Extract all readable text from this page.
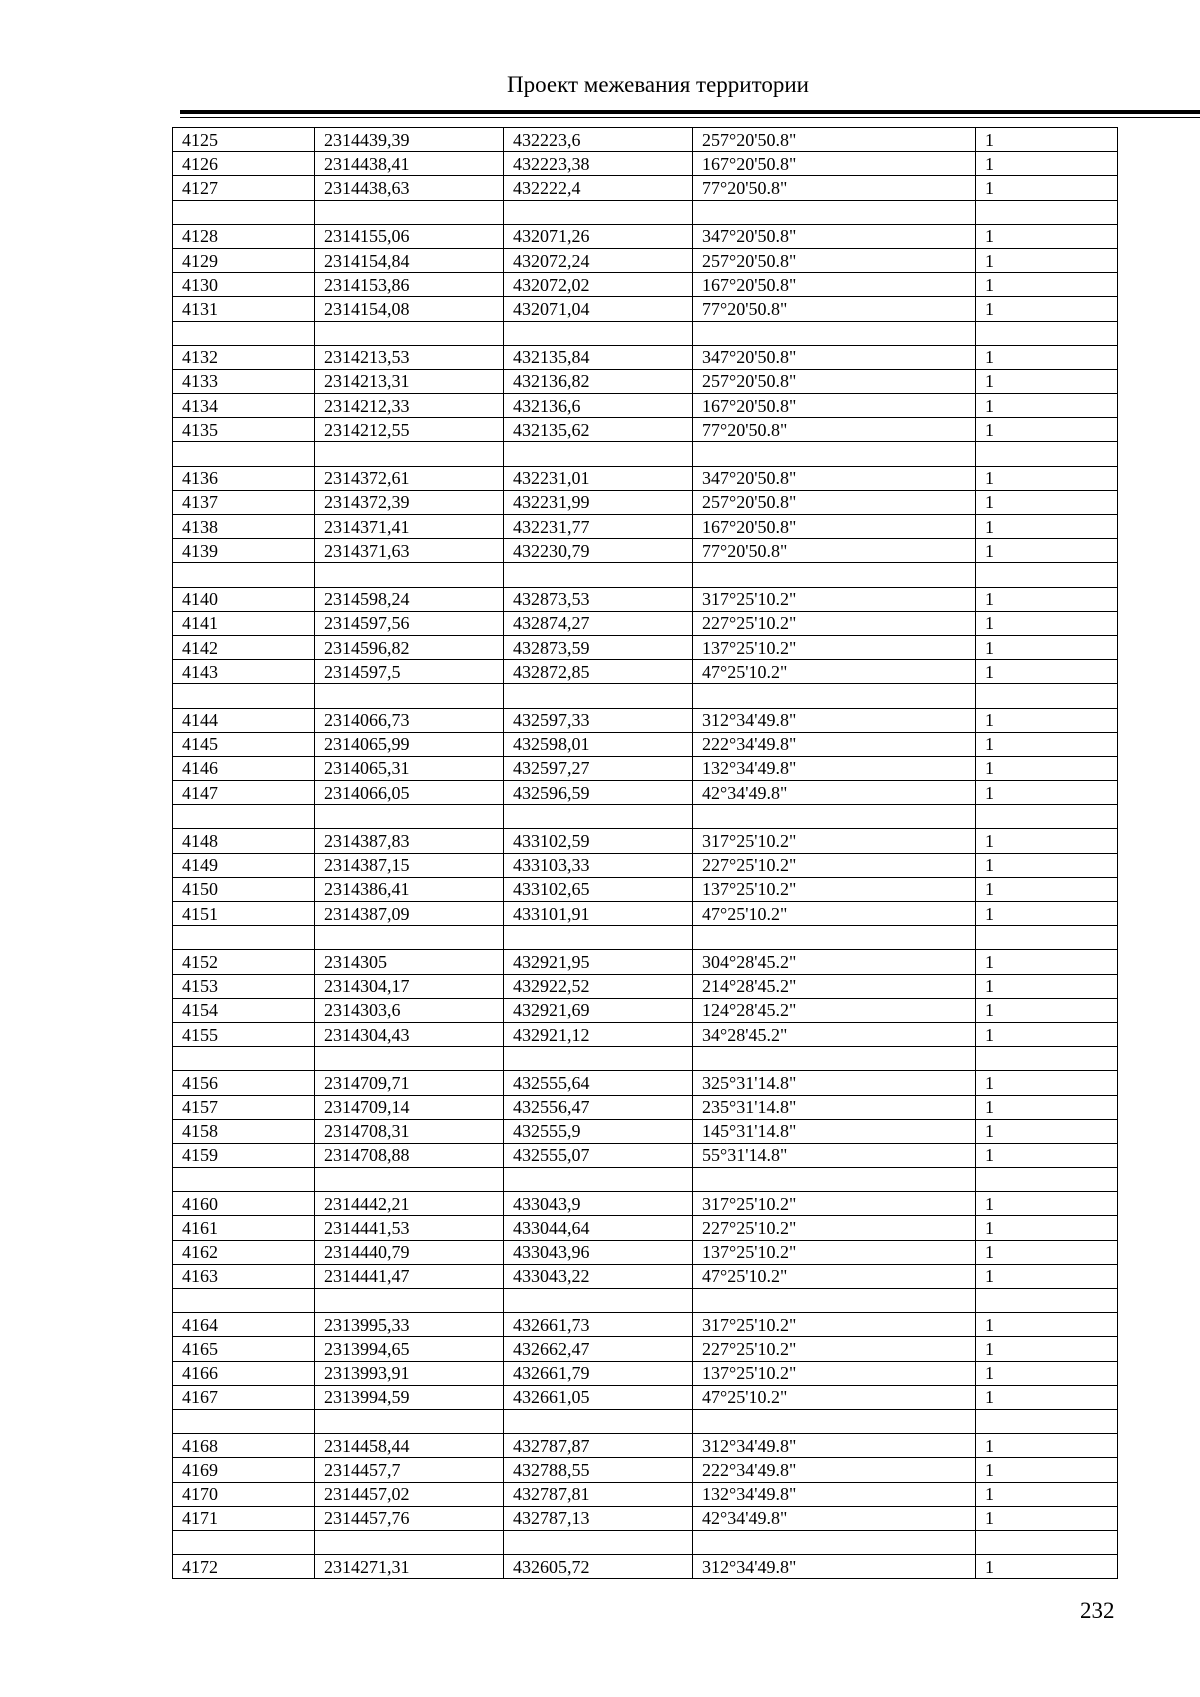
Проект межевания территории
4125	2314439,39	432223,6	257°20'50.8"	1
4126	2314438,41	432223,38	167°20'50.8"	1
4127	2314438,63	432222,4	77°20'50.8"	1

4128	2314155,06	432071,26	347°20'50.8"	1
4129	2314154,84	432072,24	257°20'50.8"	1
4130	2314153,86	432072,02	167°20'50.8"	1
4131	2314154,08	432071,04	77°20'50.8"	1

4132	2314213,53	432135,84	347°20'50.8"	1
4133	2314213,31	432136,82	257°20'50.8"	1
4134	2314212,33	432136,6	167°20'50.8"	1
4135	2314212,55	432135,62	77°20'50.8"	1

4136	2314372,61	432231,01	347°20'50.8"	1
4137	2314372,39	432231,99	257°20'50.8"	1
4138	2314371,41	432231,77	167°20'50.8"	1
4139	2314371,63	432230,79	77°20'50.8"	1

4140	2314598,24	432873,53	317°25'10.2"	1
4141	2314597,56	432874,27	227°25'10.2"	1
4142	2314596,82	432873,59	137°25'10.2"	1
4143	2314597,5	432872,85	47°25'10.2"	1

4144	2314066,73	432597,33	312°34'49.8"	1
4145	2314065,99	432598,01	222°34'49.8"	1
4146	2314065,31	432597,27	132°34'49.8"	1
4147	2314066,05	432596,59	42°34'49.8"	1

4148	2314387,83	433102,59	317°25'10.2"	1
4149	2314387,15	433103,33	227°25'10.2"	1
4150	2314386,41	433102,65	137°25'10.2"	1
4151	2314387,09	433101,91	47°25'10.2"	1

4152	2314305	432921,95	304°28'45.2"	1
4153	2314304,17	432922,52	214°28'45.2"	1
4154	2314303,6	432921,69	124°28'45.2"	1
4155	2314304,43	432921,12	34°28'45.2"	1

4156	2314709,71	432555,64	325°31'14.8"	1
4157	2314709,14	432556,47	235°31'14.8"	1
4158	2314708,31	432555,9	145°31'14.8"	1
4159	2314708,88	432555,07	55°31'14.8"	1

4160	2314442,21	433043,9	317°25'10.2"	1
4161	2314441,53	433044,64	227°25'10.2"	1
4162	2314440,79	433043,96	137°25'10.2"	1
4163	2314441,47	433043,22	47°25'10.2"	1

4164	2313995,33	432661,73	317°25'10.2"	1
4165	2313994,65	432662,47	227°25'10.2"	1
4166	2313993,91	432661,79	137°25'10.2"	1
4167	2313994,59	432661,05	47°25'10.2"	1

4168	2314458,44	432787,87	312°34'49.8"	1
4169	2314457,7	432788,55	222°34'49.8"	1
4170	2314457,02	432787,81	132°34'49.8"	1
4171	2314457,76	432787,13	42°34'49.8"	1

4172	2314271,31	432605,72	312°34'49.8"	1
232
